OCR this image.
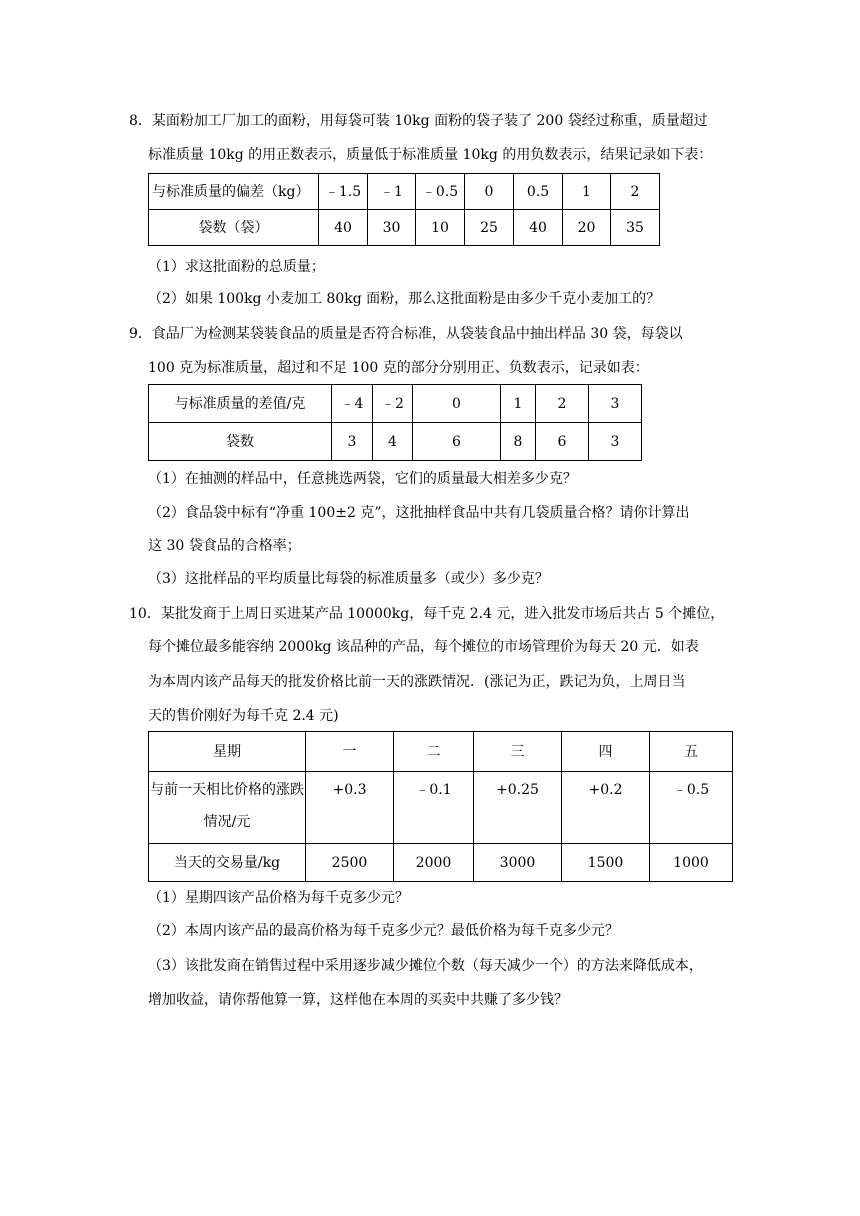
8．某面粉加工厂加工的面粉，用每袋可装 10kg 面粉的袋子装了 200 袋经过称重，质量超过
标准质量 10kg 的用正数表示，质量低于标准质量 10kg 的用负数表示，结果记录如下表：
与标准质量的偏差（kg）	﹣1.5	﹣1	﹣0.5	0	0.5	1	2
袋数（袋）	40	30	10	25	40	20	35
（1）求这批面粉的总质量；
（2）如果 100kg 小麦加工 80kg 面粉，那么这批面粉是由多少千克小麦加工的？
9．食品厂为检测某袋装食品的质量是否符合标准，从袋装食品中抽出样品 30 袋，每袋以
100 克为标准质量，超过和不足 100 克的部分分别用正、负数表示，记录如表：
与标准质量的差值/克	﹣4	﹣2	0	1	2	3
袋数	3	4	6	8	6	3
（1）在抽测的样品中，任意挑选两袋，它们的质量最大相差多少克？
（2）食品袋中标有“净重 100±2 克”，这批抽样食品中共有几袋质量合格？请你计算出
这 30 袋食品的合格率；
（3）这批样品的平均质量比每袋的标准质量多（或少）多少克？
10．某批发商于上周日买进某产品 10000kg，每千克 2.4 元，进入批发市场后共占 5 个摊位，
每个摊位最多能容纳 2000kg 该品种的产品，每个摊位的市场管理价为每天 20 元．如表
为本周内该产品每天的批发价格比前一天的涨跌情况．(涨记为正，跌记为负，上周日当
天的售价刚好为每千克 2.4 元)
星期	一	二	三	四	五
与前一天相比价格的涨跌情况/元	+0.3	﹣0.1	+0.25	+0.2	﹣0.5
当天的交易量/kg	2500	2000	3000	1500	1000
（1）星期四该产品价格为每千克多少元？
（2）本周内该产品的最高价格为每千克多少元？最低价格为每千克多少元？
（3）该批发商在销售过程中采用逐步减少摊位个数（每天减少一个）的方法来降低成本，
增加收益，请你帮他算一算，这样他在本周的买卖中共赚了多少钱？
